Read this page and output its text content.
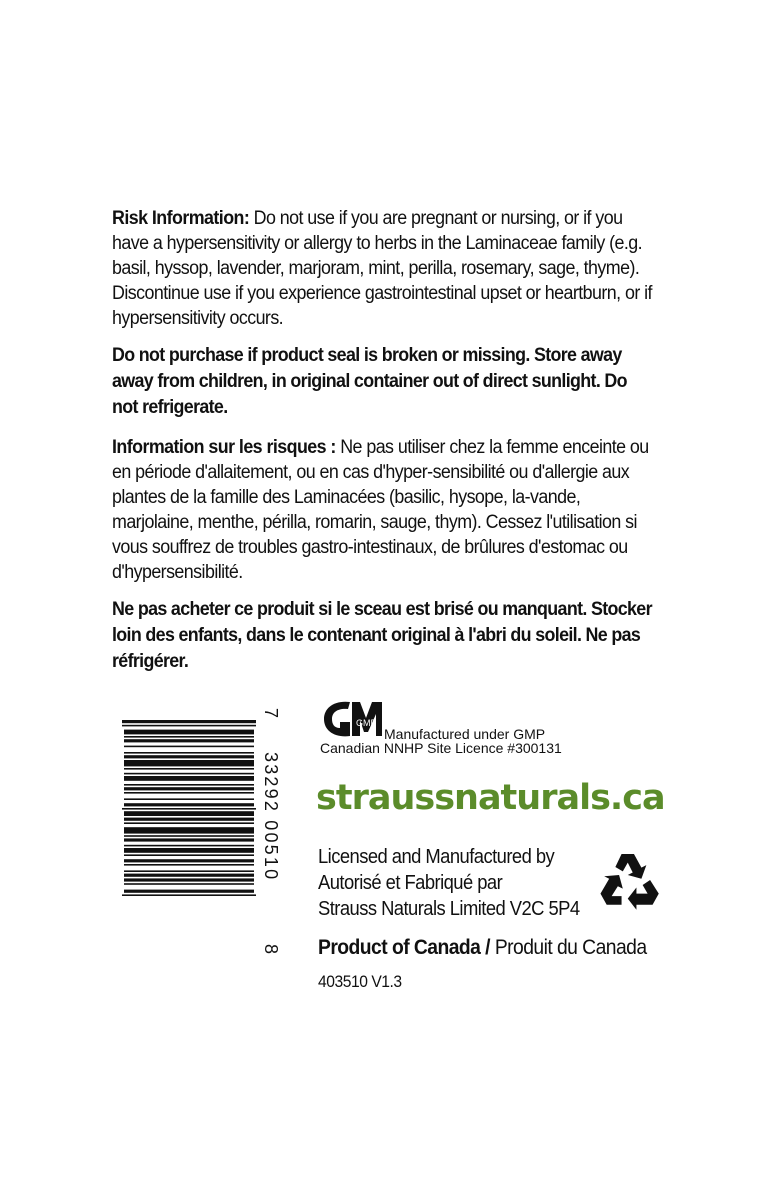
Risk Information: Do not use if you are pregnant or nursing, or if you have a hypersensitivity or allergy to herbs in the Laminaceae family (e.g. basil, hyssop, lavender, marjoram, mint, perilla, rosemary, sage, thyme). Discontinue use if you experience gastrointestinal upset or heartburn, or if hypersensitivity occurs.

Do not purchase if product seal is broken or missing. Store away away from children, in original container out of direct sunlight. Do not refrigerate.

Information sur les risques : Ne pas utiliser chez la femme enceinte ou en période d'allaitement, ou en cas d'hyper-sensibilité ou d'allergie aux plantes de la famille des Laminacées (basilic, hysope, la-vande, marjolaine, menthe, périlla, romarin, sauge, thym). Cessez l'utilisation si vous souffrez de troubles gastro-intestinaux, de brûlures d'estomac ou d'hypersensibilité.

Ne pas acheter ce produit si le sceau est brisé ou manquant. Stocker loin des enfants, dans le contenant original à l'abri du soleil. Ne pas réfrigérer.

8
33292 00510
7
GMP
Manufactured under GMP
Canadian NNHP Site Licence #300131
straussnaturals.ca
Licensed and Manufactured by
Autorisé et Fabriqué par
Strauss Naturals Limited V2C 5P4
Product of Canada / Produit du Canada
403510 V1.3
